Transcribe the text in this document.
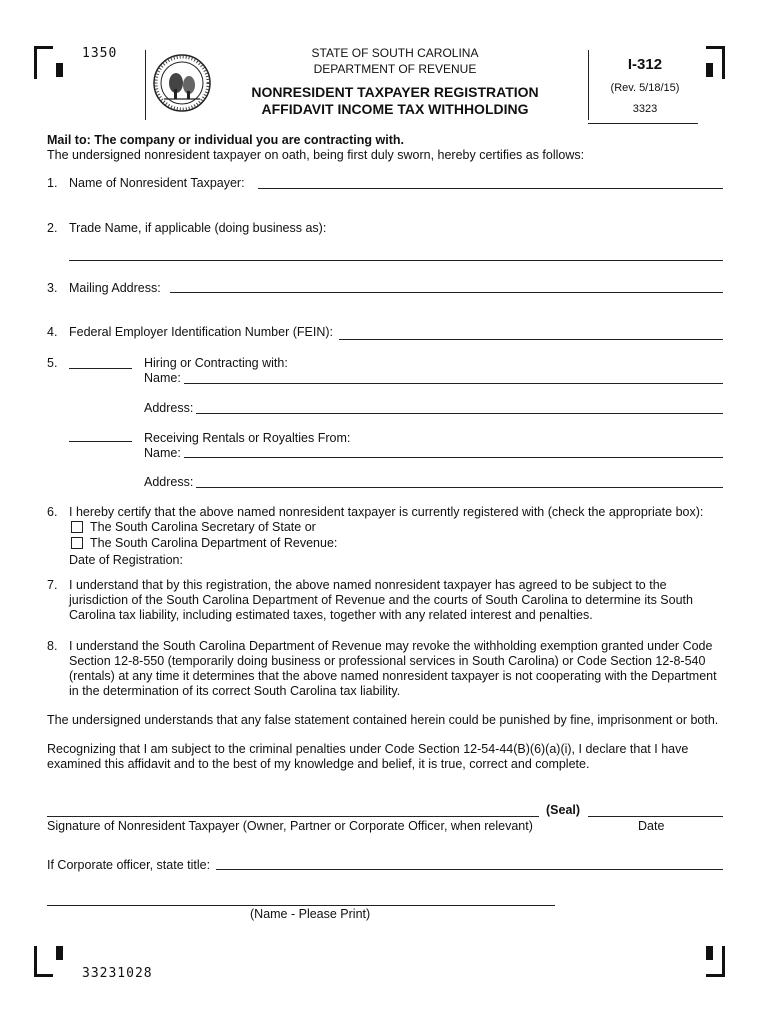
1350	STATE OF SOUTH CAROLINA
DEPARTMENT OF REVENUE
NONRESIDENT TAXPAYER REGISTRATION
AFFIDAVIT INCOME TAX WITHHOLDING
I-312
(Rev. 5/18/15)
3323
Mail to: The company or individual you are contracting with.
The undersigned nonresident taxpayer on oath, being first duly sworn, hereby certifies as follows:
1. Name of Nonresident Taxpayer:
2. Trade Name, if applicable (doing business as):
3. Mailing Address:
4. Federal Employer Identification Number (FEIN):
5.	Hiring or Contracting with:
Name:
Address:
Receiving Rentals or Royalties From:
Name:
Address:
6. I hereby certify that the above named nonresident taxpayer is currently registered with (check the appropriate box):
The South Carolina Secretary of State or
The South Carolina Department of Revenue:
Date of Registration:
7. I understand that by this registration, the above named nonresident taxpayer has agreed to be subject to the
jurisdiction of the South Carolina Department of Revenue and the courts of South Carolina to determine its South
Carolina tax liability, including estimated taxes, together with any related interest and penalties.
8. I understand the South Carolina Department of Revenue may revoke the withholding exemption granted under Code
Section 12-8-550 (temporarily doing business or professional services in South Carolina) or Code Section 12-8-540
(rentals) at any time it determines that the above named nonresident taxpayer is not cooperating with the Department
in the determination of its correct South Carolina tax liability.
The undersigned understands that any false statement contained herein could be punished by fine, imprisonment or both.
Recognizing that I am subject to the criminal penalties under Code Section 12-54-44(B)(6)(a)(i), I declare that I have
examined this affidavit and to the best of my knowledge and belief, it is true, correct and complete.
(Seal)
Signature of Nonresident Taxpayer (Owner, Partner or Corporate Officer, when relevant)	Date
If Corporate officer, state title:
(Name - Please Print)
33231028
